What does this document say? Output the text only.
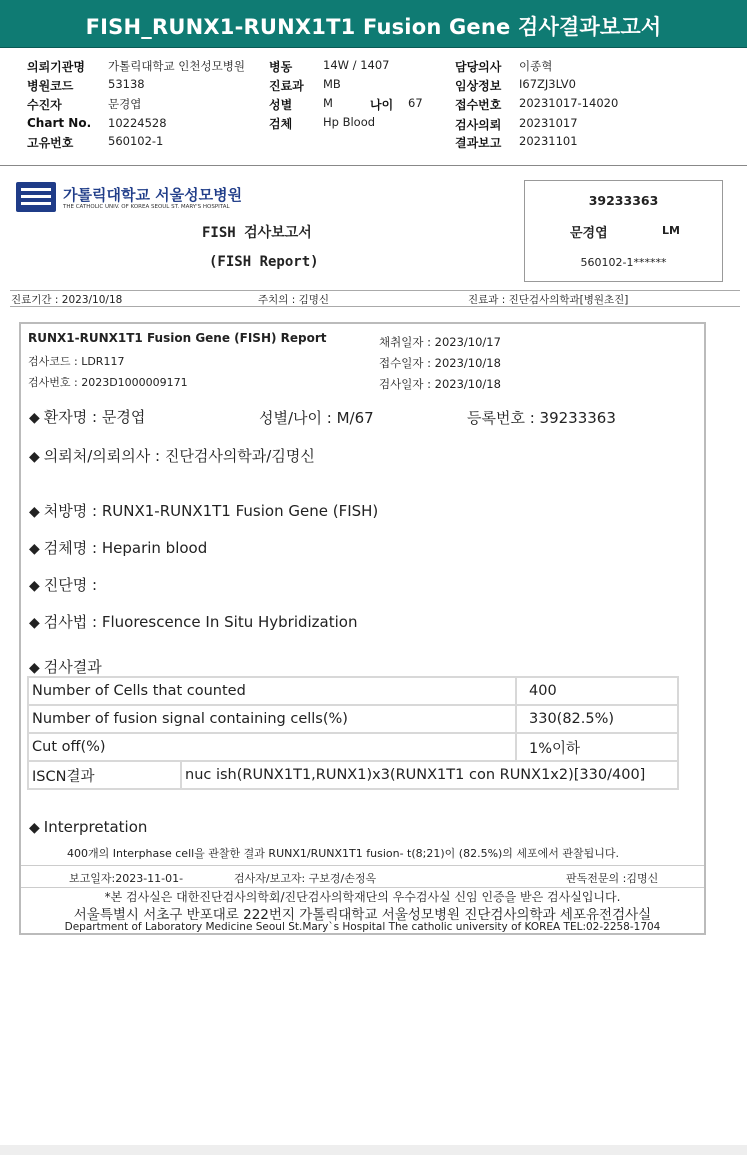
FISH_RUNX1-RUNX1T1 Fusion Gene 검사결과보고서
의뢰기관명 가톨릭대학교 인천성모병원
병원코드	53138
수진자	문경엽
Chart No. 10224528
고유번호	560102-1
병동	14W / 1407
진료과 MB
성별	M	나이 67
검체	Hp Blood
담당의사 이종혁
임상정보 I67ZJ3LV0
접수번호 20231017-14020
검사의뢰 20231017
결과보고 20231101
가톨릭대학교 서울성모병원
THE CATHOLIC UNIV. OF KOREA SEOUL ST. MARY'S HOSPITAL
FISH 검사보고서
(FISH Report)
39233363
문경엽	LM
560102-1******
진료기간 : 2023/10/18	주치의 : 김명신	진료과 : 진단검사의학과[병원초진]
RUNX1-RUNX1T1 Fusion Gene (FISH) Report
검사코드 : LDR117
검사번호 : 2023D1000009171
채취일자 : 2023/10/17
접수일자 : 2023/10/18
검사일자 : 2023/10/18
◆ 환자명 : 문경엽	성별/나이 : M/67	등록번호 : 39233363
◆ 의뢰처/의뢰의사 : 진단검사의학과/김명신
◆ 처방명 : RUNX1-RUNX1T1 Fusion Gene (FISH)
◆ 검체명 : Heparin blood
◆ 진단명 :
◆ 검사법 : Fluorescence In Situ Hybridization
◆ 검사결과
Number of Cells that counted		400
Number of fusion signal containing cells(%)		330(82.5%)
Cut off(%)		1%이하
ISCN결과	nuc ish(RUNX1T1,RUNX1)x3(RUNX1T1 con RUNX1x2)[330/400]	
◆ Interpretation
400개의 Interphase cell을 관찰한 결과 RUNX1/RUNX1T1 fusion- t(8;21)이 (82.5%)의 세포에서 관찰됩니다.
보고일자:2023-11-01-	검사자/보고자: 구보경/손정옥	판독전문의 :김명신
*본 검사실은 대한진단검사의학회/진단검사의학재단의 우수검사실 신임 인증을 받은 검사실입니다.
서울특별시 서초구 반포대로 222번지 가톨릭대학교 서울성모병원 진단검사의학과 세포유전검사실
Department of Laboratory Medicine Seoul St.Mary`s Hospital The catholic university of KOREA TEL:02-2258-1704
